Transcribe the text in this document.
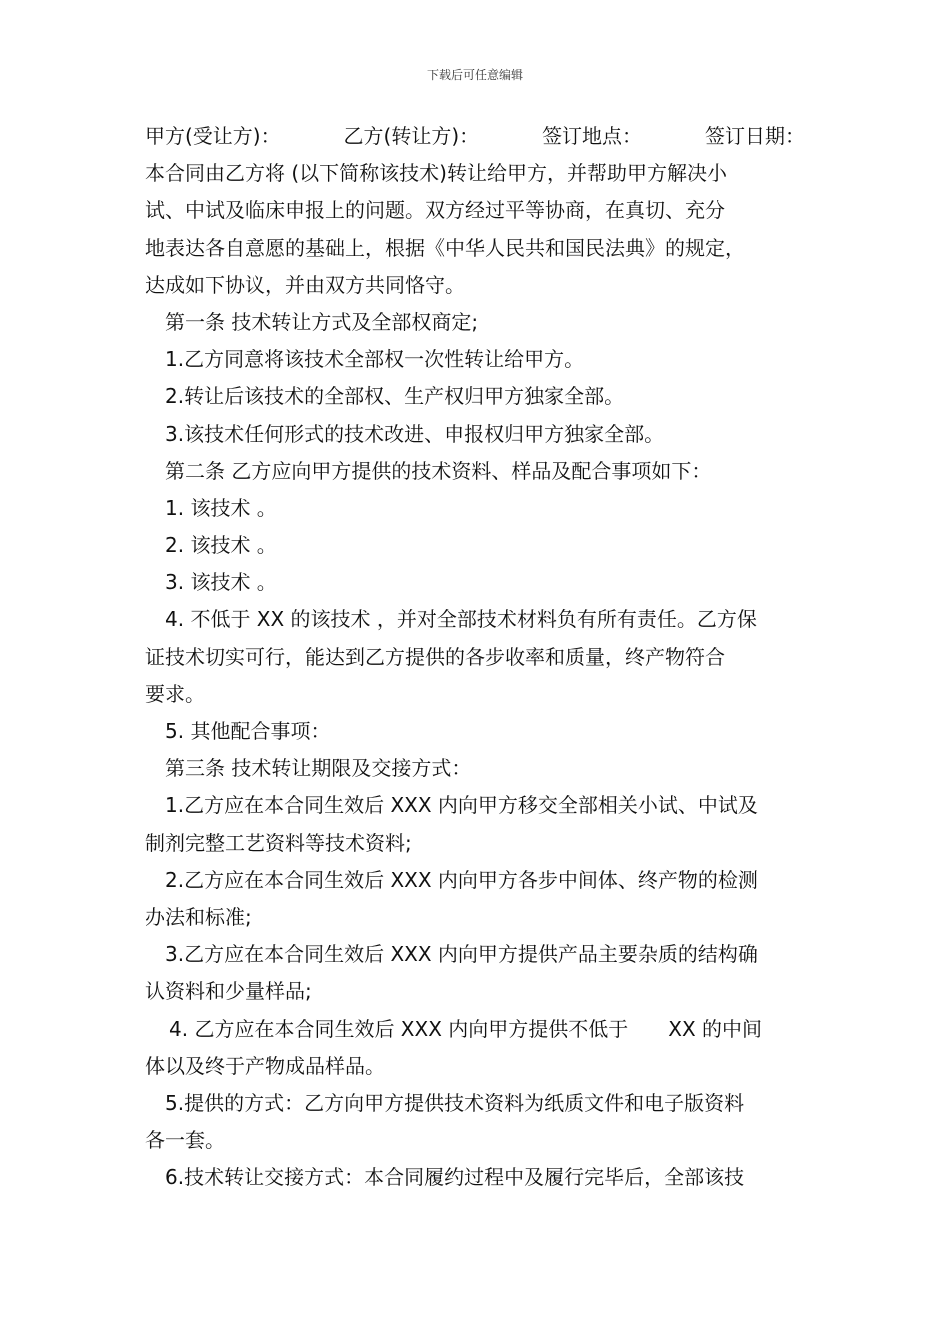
下载后可任意编辑
甲方(受让方)：	乙方(转让方)：	签订地点：	签订日期：
本合同由乙方将 (以下简称该技术)转让给甲方，并帮助甲方解决小
试、中试及临床申报上的问题。双方经过平等协商，在真切、充分
地表达各自意愿的基础上，根据《中华人民共和国民法典》的规定，
达成如下协议，并由双方共同恪守。
第一条 技术转让方式及全部权商定;
1.乙方同意将该技术全部权一次性转让给甲方。
2.转让后该技术的全部权、生产权归甲方独家全部。
3.该技术任何形式的技术改进、申报权归甲方独家全部。
第二条 乙方应向甲方提供的技术资料、样品及配合事项如下：
1. 该技术 。
2. 该技术 。
3. 该技术 。
4. 不低于 XX 的该技术 ，并对全部技术材料负有所有责任。乙方保
证技术切实可行，能达到乙方提供的各步收率和质量，终产物符合
要求。
5. 其他配合事项：
第三条 技术转让期限及交接方式：
1.乙方应在本合同生效后 XXX 内向甲方移交全部相关小试、中试及
制剂完整工艺资料等技术资料;
2.乙方应在本合同生效后 XXX 内向甲方各步中间体、终产物的检测
办法和标准;
3.乙方应在本合同生效后 XXX 内向甲方提供产品主要杂质的结构确
认资料和少量样品;
4. 乙方应在本合同生效后 XXX 内向甲方提供不低于　　XX 的中间
体以及终于产物成品样品。
5.提供的方式：乙方向甲方提供技术资料为纸质文件和电子版资料
各一套。
6.技术转让交接方式：本合同履约过程中及履行完毕后，全部该技
